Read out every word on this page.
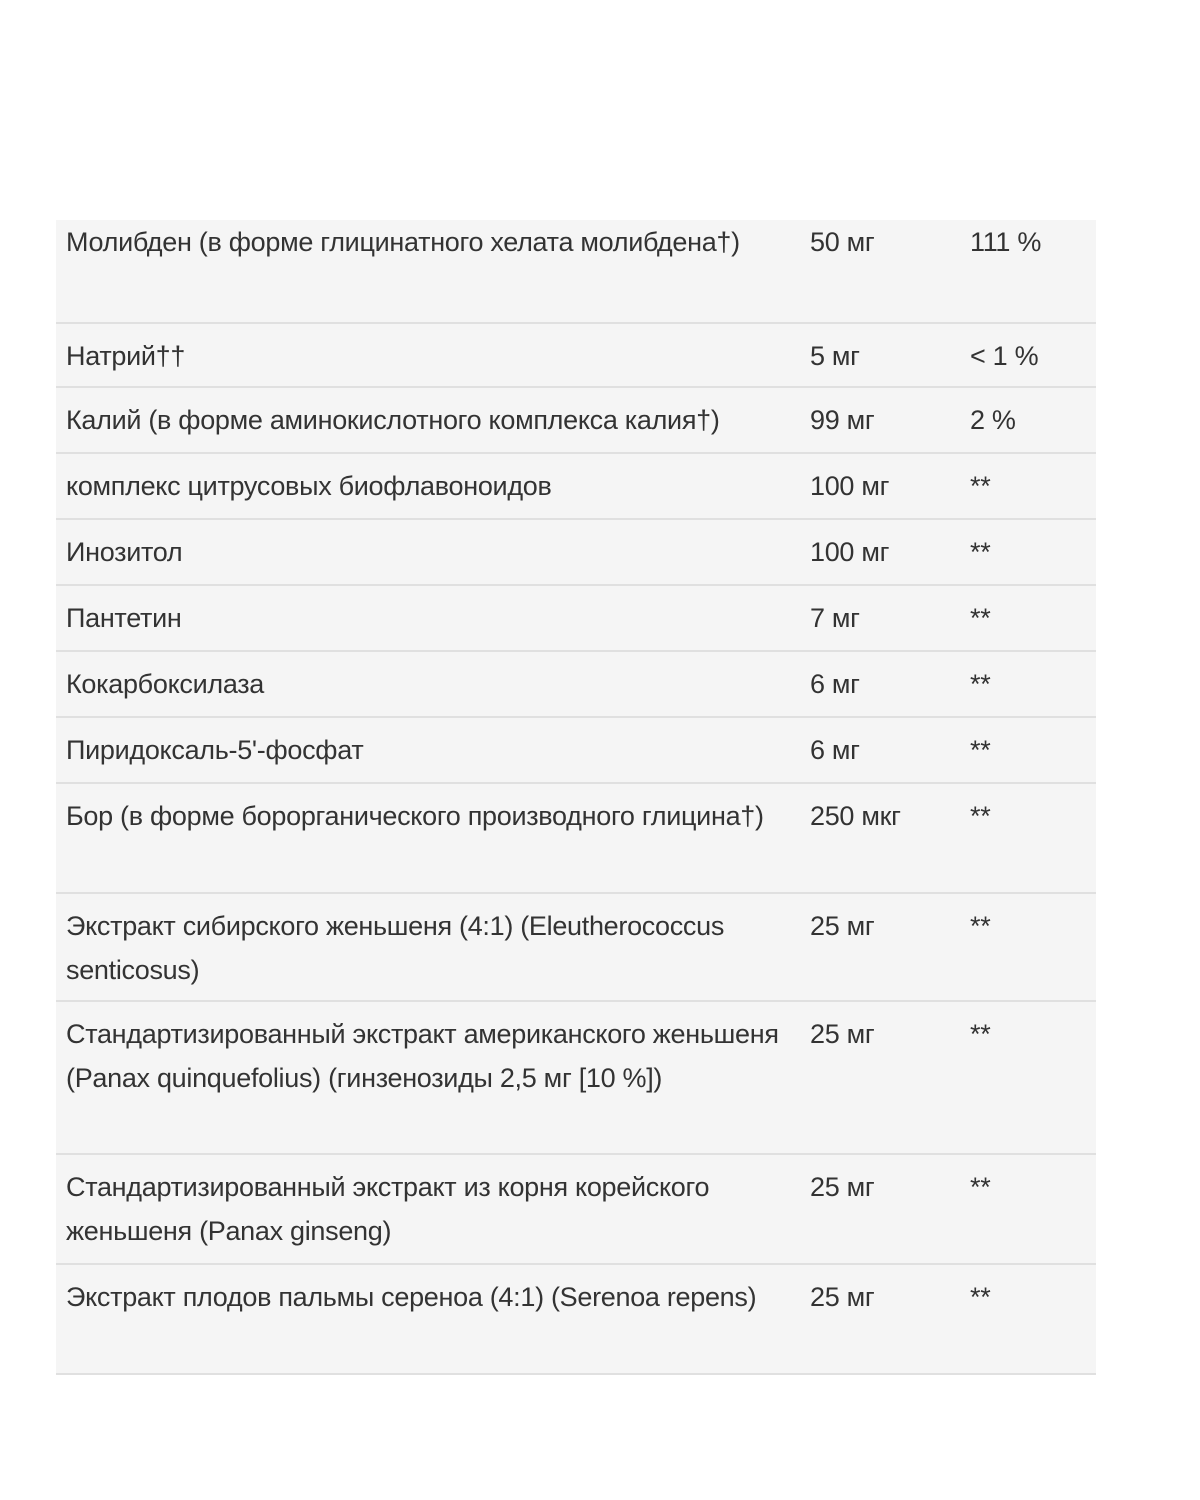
Молибден (в форме глицинатного хелата молибдена†)	50 мг	111 %
Натрий††	5 мг	< 1 %
Калий (в форме аминокислотного комплекса калия†)	99 мг	2 %
комплекс цитрусовых биофлавоноидов	100 мг	**
Инозитол	100 мг	**
Пантетин	7 мг	**
Кокарбоксилаза	6 мг	**
Пиридоксаль-5'-фосфат	6 мг	**
Бор (в форме борорганического производного глицина†)	250 мкг	**
Экстракт сибирского женьшеня (4:1) (Eleutherococcus senticosus)	25 мг	**
Стандартизированный экстракт американского женьшеня (Panax quinquefolius) (гинзенозиды 2,5 мг [10 %])	25 мг	**
Стандартизированный экстракт из корня корейского женьшеня (Panax ginseng)	25 мг	**
Экстракт плодов пальмы сереноа (4:1) (Serenoa repens)	25 мг	**
